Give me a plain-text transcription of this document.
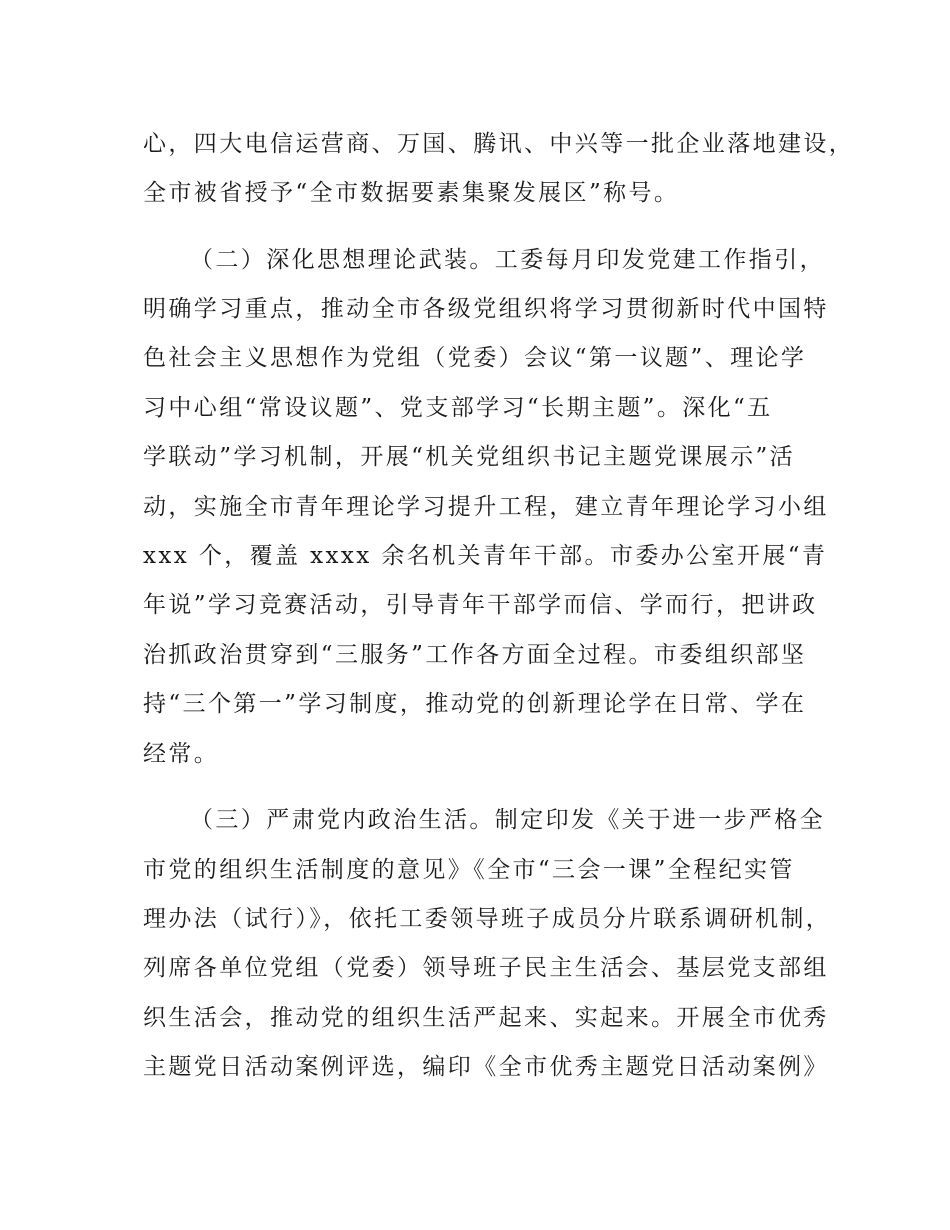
心，四大电信运营商、万国、腾讯、中兴等一批企业落地建设，
全市被省授予“全市数据要素集聚发展区”称号。
（二）深化思想理论武装。工委每月印发党建工作指引，
明确学习重点，推动全市各级党组织将学习贯彻新时代中国特
色社会主义思想作为党组（党委）会议“第一议题”、理论学
习中心组“常设议题”、党支部学习“长期主题”。深化“五
学联动”学习机制，开展“机关党组织书记主题党课展示”活
动，实施全市青年理论学习提升工程，建立青年理论学习小组
xxx 个，覆盖 xxxx 余名机关青年干部。市委办公室开展“青
年说”学习竞赛活动，引导青年干部学而信、学而行，把讲政
治抓政治贯穿到“三服务”工作各方面全过程。市委组织部坚
持“三个第一”学习制度，推动党的创新理论学在日常、学在
经常。
（三）严肃党内政治生活。制定印发《关于进一步严格全
市党的组织生活制度的意见》《全市“三会一课”全程纪实管
理办法（试行）》，依托工委领导班子成员分片联系调研机制，
列席各单位党组（党委）领导班子民主生活会、基层党支部组
织生活会，推动党的组织生活严起来、实起来。开展全市优秀
主题党日活动案例评选，编印《全市优秀主题党日活动案例》
